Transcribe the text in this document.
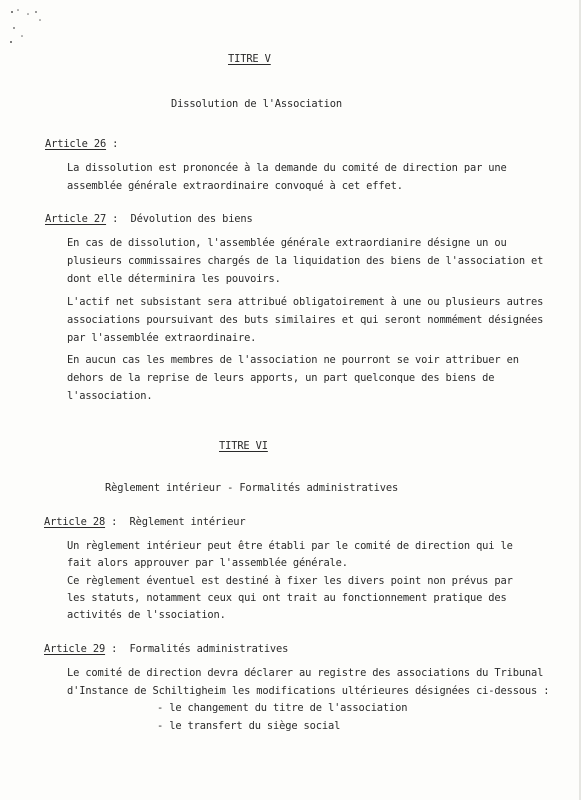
TITRE V
Dissolution de l'Association
Article 26 :
La dissolution est prononcée à la demande du comité de direction par une
assemblée générale extraordinaire convoqué à cet effet.
Article 27 : Dévolution des biens
En cas de dissolution, l'assemblée générale extraordianire désigne un ou
plusieurs commissaires chargés de la liquidation des biens de l'association et
dont elle déterminira les pouvoirs.
L'actif net subsistant sera attribué obligatoirement à une ou plusieurs autres
associations poursuivant des buts similaires et qui seront nommément désignées
par l'assemblée extraordinaire.
En aucun cas les membres de l'association ne pourront se voir attribuer en
dehors de la reprise de leurs apports, un part quelconque des biens de
l'association.
TITRE VI
Règlement intérieur - Formalités administratives
Article 28 : Règlement intérieur
Un règlement intérieur peut être établi par le comité de direction qui le
fait alors approuver par l'assemblée générale.
Ce règlement éventuel est destiné à fixer les divers point non prévus par
les statuts, notamment ceux qui ont trait au fonctionnement pratique des
activités de l'ssociation.
Article 29 : Formalités administratives
Le comité de direction devra déclarer au registre des associations du Tribunal
d'Instance de Schiltigheim les modifications ultérieures désignées ci-dessous :
- le changement du titre de l'association
- le transfert du siège social
